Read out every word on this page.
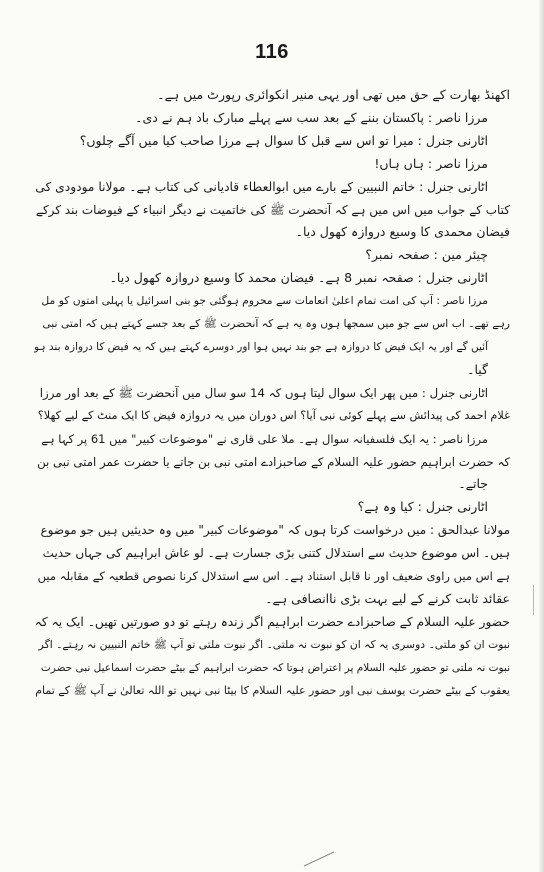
116

اکھنڈ بھارت کے حق میں تھی اور یہی منیر انکوائری رپورٹ میں ہے۔

مرزا ناصر : پاکستان بننے کے بعد سب سے پہلے مبارک باد ہم نے دی۔

اٹارنی جنرل : میرا تو اس سے قبل کا سوال ہے مرزا صاحب کیا میں آگے چلوں؟

مرزا ناصر : ہاں ہاں!

اٹارنی جنرل : خاتم النبیین کے بارے میں ابوالعطاء قادیانی کی کتاب ہے۔ مولانا مودودی کی

کتاب کے جواب میں اس میں ہے کہ آنحضرت ﷺ کی خاتمیت نے دیگر انبیاء کے فیوضات بند کرکے

فیضان محمدی کا وسیع دروازہ کھول دیا۔

چیئر مین : صفحہ نمبر؟

اٹارنی جنرل : صفحہ نمبر 8 ہے۔ فیضان محمد کا وسیع دروازہ کھول دیا۔

مرزا ناصر : آپ کی امت تمام اعلیٰ انعامات سے محروم ہوگئی جو بنی اسرائیل یا پہلی امتوں کو مل

رہے تھے۔ اب اس سے جو میں سمجھا ہوں وہ یہ ہے کہ آنحضرت ﷺ کے بعد جسے کہتے ہیں کہ امتی نبی

آئیں گے اور یہ ایک فیض کا دروازہ ہے جو بند نہیں ہوا اور دوسرے کہتے ہیں کہ یہ فیض کا دروازہ بند ہو

گیا۔

اٹارنی جنرل : میں پھر ایک سوال لیتا ہوں کہ 14 سو سال میں آنحضرت ﷺ کے بعد اور مرزا

غلام احمد کی پیدائش سے پہلے کوئی نبی آیا؟ اس دوران میں یہ دروازہ فیض کا ایک منٹ کے لیے کھلا؟

مرزا ناصر : یہ ایک فلسفیانہ سوال ہے۔ ملا علی قاری نے "موضوعات کبیر" میں 61 پر کہا ہے

کہ حضرت ابراہیم حضور علیہ السلام کے صاحبزادے امتی نبی بن جاتے یا حضرت عمر امتی نبی بن

جاتے۔

اٹارنی جنرل : کیا وہ ہے؟

مولانا عبدالحق : میں درخواست کرتا ہوں کہ "موضوعات کبیر" میں وہ حدیثیں ہیں جو موضوع

ہیں۔ اس موضوع حدیث سے استدلال کتنی بڑی جسارت ہے۔ لو عاش ابراہیم کی جہاں حدیث

ہے اس میں راوی ضعیف اور نا قابل استناد ہے۔ اس سے استدلال کرنا نصوص قطعیہ کے مقابلہ میں

عقائد ثابت کرنے کے لیے بہت بڑی ناانصافی ہے۔

حضور علیہ السلام کے صاحبزادے حضرت ابراہیم اگر زندہ رہتے تو دو صورتیں تھیں۔ ایک یہ کہ

نبوت ان کو ملتی۔ دوسری یہ کہ ان کو نبوت نہ ملتی۔ اگر نبوت ملتی تو آپ ﷺ خاتم النبیین نہ رہتے۔ اگر

نبوت نہ ملتی تو حضور علیہ السلام پر اعتراض ہوتا کہ حضرت ابراہیم کے بیٹے حضرت اسماعیل نبی حضرت

یعقوب کے بیٹے حضرت یوسف نبی اور حضور علیہ السلام کا بیٹا نبی نہیں تو اللہ تعالیٰ نے آپ ﷺ کے تمام
